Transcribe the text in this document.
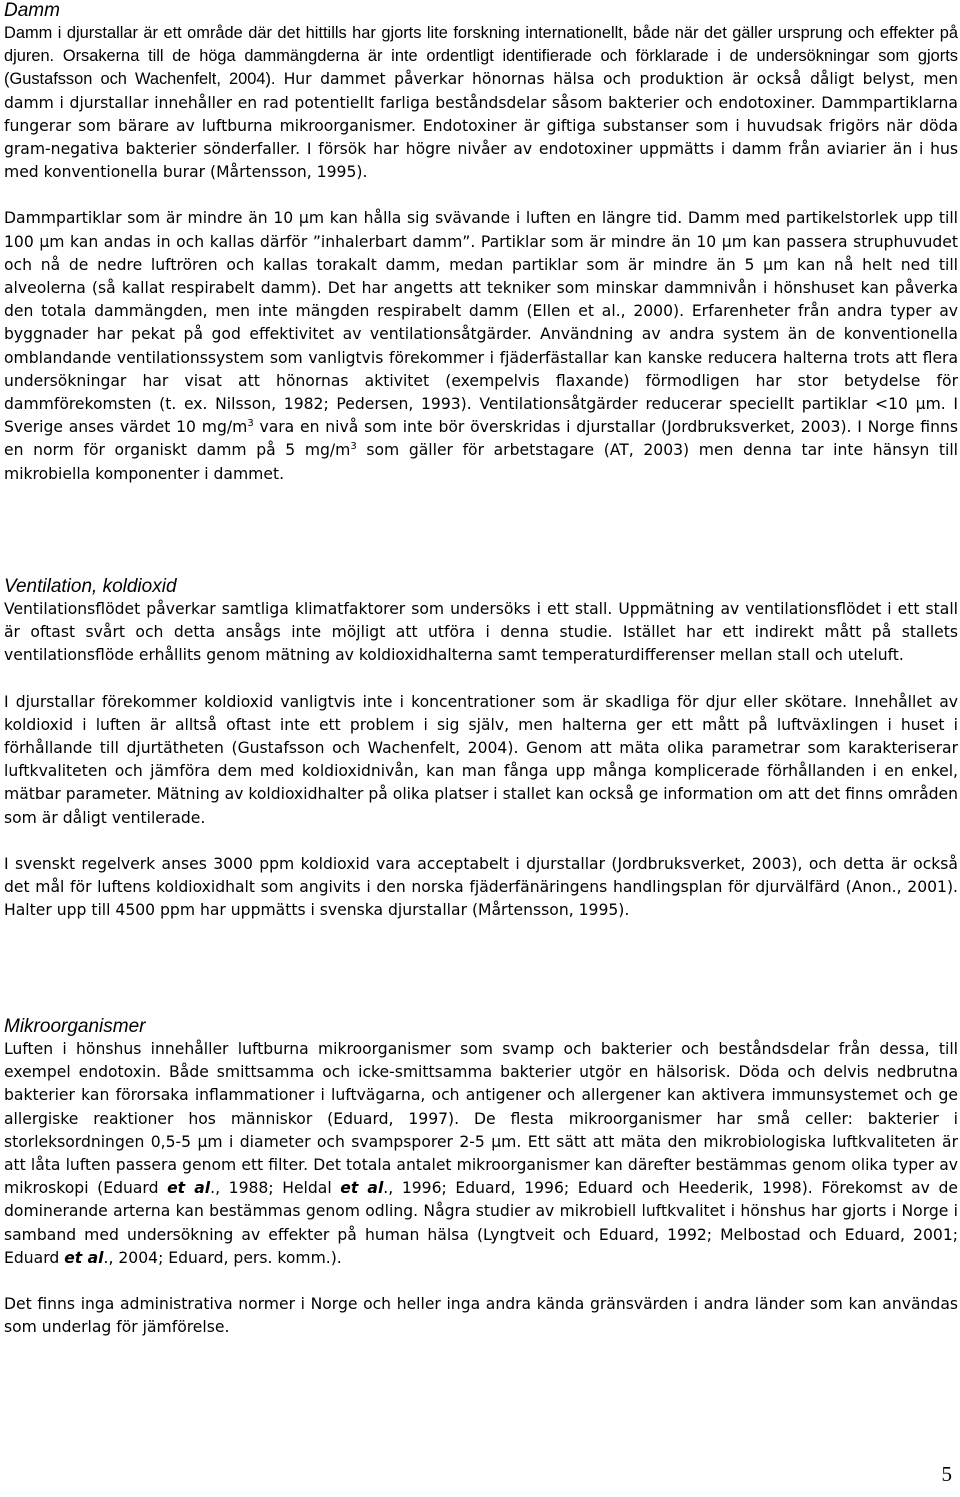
Damm

Damm i djurstallar är ett område där det hittills har gjorts lite forskning internationellt, både när det gäller ursprung och effekter på djuren. Orsakerna till de höga dammängderna är inte ordentligt identifierade och förklarade i de undersökningar som gjorts (Gustafsson och Wachenfelt, 2004). Hur dammet påverkar hönornas hälsa och produktion är också dåligt belyst, men damm i djurstallar innehåller en rad potentiellt farliga beståndsdelar såsom bakterier och endotoxiner. Dammpartiklarna fungerar som bärare av luftburna mikroorganismer. Endotoxiner är giftiga substanser som i huvudsak frigörs när döda gram-negativa bakterier sönderfaller. I försök har högre nivåer av endotoxiner uppmätts i damm från aviarier än i hus med konventionella burar (Mårtensson, 1995).

Dammpartiklar som är mindre än 10 µm kan hålla sig svävande i luften en längre tid. Damm med partikelstorlek upp till 100 µm kan andas in och kallas därför ”inhalerbart damm”. Partiklar som är mindre än 10 µm kan passera struphuvudet och nå de nedre luftrören och kallas torakalt damm, medan partiklar som är mindre än 5 µm kan nå helt ned till alveolerna (så kallat respirabelt damm). Det har angetts att tekniker som minskar dammnivån i hönshuset kan påverka den totala dammängden, men inte mängden respirabelt damm (Ellen et al., 2000). Erfarenheter från andra typer av byggnader har pekat på god effektivitet av ventilationsåtgärder. Användning av andra system än de konventionella omblandande ventilationssystem som vanligtvis förekommer i fjäderfästallar kan kanske reducera halterna trots att flera undersökningar har visat att hönornas aktivitet (exempelvis flaxande) förmodligen har stor betydelse för dammförekomsten (t. ex. Nilsson, 1982; Pedersen, 1993). Ventilationsåtgärder reducerar speciellt partiklar <10 µm. I Sverige anses värdet 10 $mg/m^3$ vara en nivå som inte bör överskridas i djurstallar (Jordbruksverket, 2003). I Norge finns en norm för organiskt damm på 5 $mg/m^3$ som gäller för arbetstagare (AT, 2003) men denna tar inte hänsyn till mikrobiella komponenter i dammet.

Ventilation, koldioxid

Ventilationsflödet påverkar samtliga klimatfaktorer som undersöks i ett stall. Uppmätning av ventilationsflödet i ett stall är oftast svårt och detta ansågs inte möjligt att utföra i denna studie. Istället har ett indirekt mått på stallets ventilationsflöde erhållits genom mätning av koldioxidhalterna samt temperaturdifferenser mellan stall och uteluft.

I djurstallar förekommer koldioxid vanligtvis inte i koncentrationer som är skadliga för djur eller skötare. Innehållet av koldioxid i luften är alltså oftast inte ett problem i sig själv, men halterna ger ett mått på luftväxlingen i huset i förhållande till djurtätheten (Gustafsson och Wachenfelt, 2004). Genom att mäta olika parametrar som karakteriserar luftkvaliteten och jämföra dem med koldioxidnivån, kan man fånga upp många komplicerade förhållanden i en enkel, mätbar parameter. Mätning av koldioxidhalter på olika platser i stallet kan också ge information om att det finns områden som är dåligt ventilerade.

I svenskt regelverk anses 3000 ppm koldioxid vara acceptabelt i djurstallar (Jordbruksverket, 2003), och detta är också det mål för luftens koldioxidhalt som angivits i den norska fjäderfänäringens handlingsplan för djurvälfärd (Anon., 2001). Halter upp till 4500 ppm har uppmätts i svenska djurstallar (Mårtensson, 1995).

Mikroorganismer

Luften i hönshus innehåller luftburna mikroorganismer som svamp och bakterier och beståndsdelar från dessa, till exempel endotoxin. Både smittsamma och icke-smittsamma bakterier utgör en hälsorisk. Döda och delvis nedbrutna bakterier kan förorsaka inflammationer i luftvägarna, och antigener och allergener kan aktivera immunsystemet och ge allergiske reaktioner hos människor (Eduard, 1997). De flesta mikroorganismer har små celler: bakterier i storleksordningen 0,5-5 µm i diameter och svampsporer 2-5 µm. Ett sätt att mäta den mikrobiologiska luftkvaliteten är att låta luften passera genom ett filter. Det totala antalet mikroorganismer kan därefter bestämmas genom olika typer av mikroskopi (Eduard et al., 1988; Heldal et al., 1996; Eduard, 1996; Eduard och Heederik, 1998). Förekomst av de dominerande arterna kan bestämmas genom odling. Några studier av mikrobiell luftkvalitet i hönshus har gjorts i Norge i samband med undersökning av effekter på human hälsa (Lyngtveit och Eduard, 1992; Melbostad och Eduard, 2001; Eduard et al., 2004; Eduard, pers. komm.).

Det finns inga administrativa normer i Norge och heller inga andra kända gränsvärden i andra länder som kan användas som underlag för jämförelse.

5
